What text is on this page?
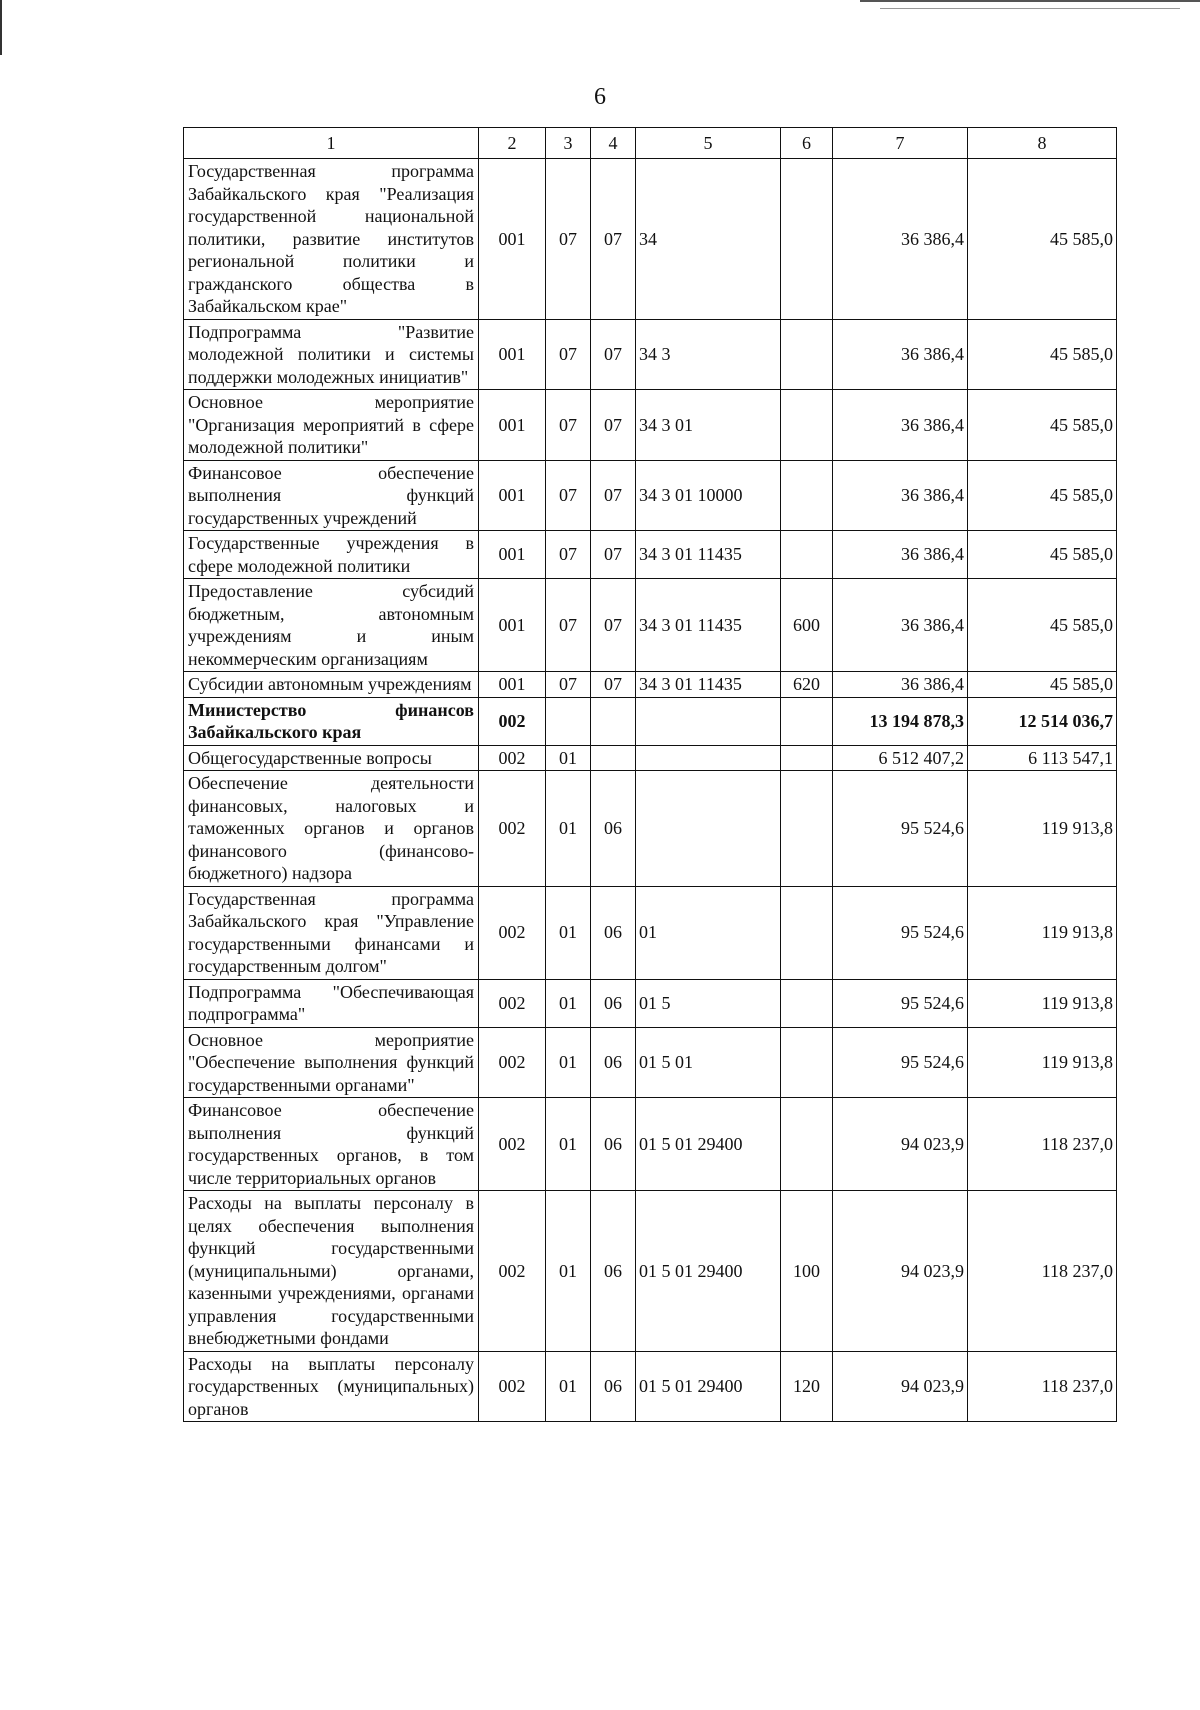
6
1	2	3	4	5	6	7	8
Государственная программа Забайкальского края "Реализация государственной национальной политики, развитие институтов региональной политики и гражданского общества в Забайкальском крае"	001	07	07	34		36 386,4	45 585,0
Подпрограмма "Развитие молодежной политики и системы поддержки молодежных инициатив"	001	07	07	34 3		36 386,4	45 585,0
Основное мероприятие "Организация мероприятий в сфере молодежной политики"	001	07	07	34 3 01		36 386,4	45 585,0
Финансовое обеспечение выполнения функций государственных учреждений	001	07	07	34 3 01 10000		36 386,4	45 585,0
Государственные учреждения в сфере молодежной политики	001	07	07	34 3 01 11435		36 386,4	45 585,0
Предоставление субсидий бюджетным, автономным учреждениям и иным некоммерческим организациям	001	07	07	34 3 01 11435	600	36 386,4	45 585,0
Субсидии автономным учреждениям	001	07	07	34 3 01 11435	620	36 386,4	45 585,0
Министерство финансов Забайкальского края	002					13 194 878,3	12 514 036,7
Общегосударственные вопросы	002	01				6 512 407,2	6 113 547,1
Обеспечение деятельности финансовых, налоговых и таможенных органов и органов финансового (финансово-бюджетного) надзора	002	01	06			95 524,6	119 913,8
Государственная программа Забайкальского края "Управление государственными финансами и государственным долгом"	002	01	06	01		95 524,6	119 913,8
Подпрограмма "Обеспечивающая подпрограмма"	002	01	06	01 5		95 524,6	119 913,8
Основное мероприятие "Обеспечение выполнения функций государственными органами"	002	01	06	01 5 01		95 524,6	119 913,8
Финансовое обеспечение выполнения функций государственных органов, в том числе территориальных органов	002	01	06	01 5 01 29400		94 023,9	118 237,0
Расходы на выплаты персоналу в целях обеспечения выполнения функций государственными (муниципальными) органами, казенными учреждениями, органами управления государственными внебюджетными фондами	002	01	06	01 5 01 29400	100	94 023,9	118 237,0
Расходы на выплаты персоналу государственных (муниципальных) органов	002	01	06	01 5 01 29400	120	94 023,9	118 237,0
